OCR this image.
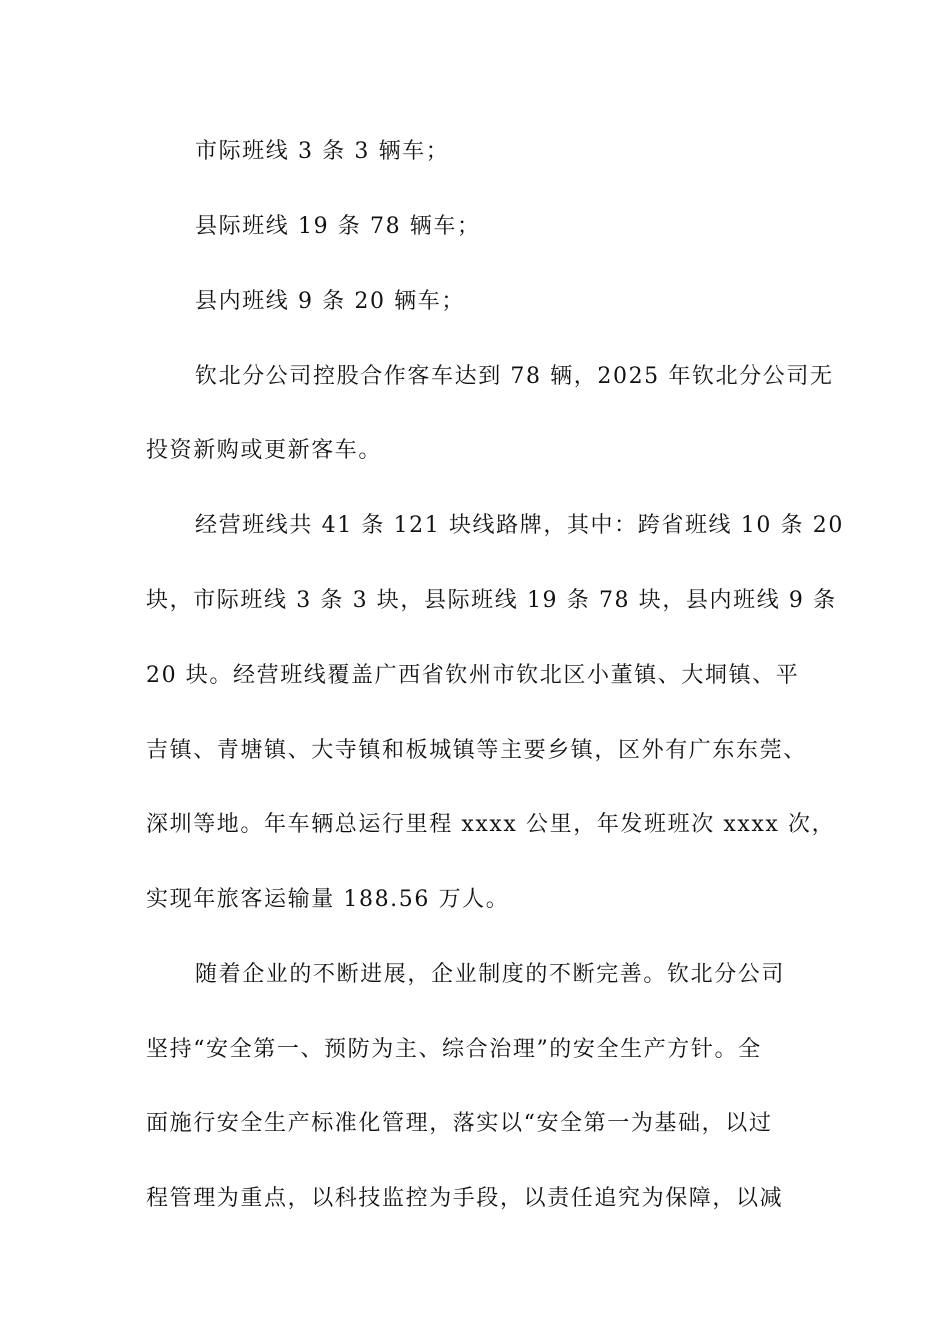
市际班线 3 条 3 辆车；
县际班线 19 条 78 辆车；
县内班线 9 条 20 辆车；
钦北分公司控股合作客车达到 78 辆，2025 年钦北分公司无
投资新购或更新客车。
经营班线共 41 条 121 块线路牌，其中：跨省班线 10 条 20
块，市际班线 3 条 3 块，县际班线 19 条 78 块，县内班线 9 条
20 块。经营班线覆盖广西省钦州市钦北区小董镇、大垌镇、平
吉镇、青塘镇、大寺镇和板城镇等主要乡镇，区外有广东东莞、
深圳等地。年车辆总运行里程 xxxx 公里，年发班班次 xxxx 次，
实现年旅客运输量 188.56 万人。
随着企业的不断进展，企业制度的不断完善。钦北分公司
坚持“安全第一、预防为主、综合治理”的安全生产方针。全
面施行安全生产标准化管理，落实以“安全第一为基础，以过
程管理为重点，以科技监控为手段，以责任追究为保障，以减
